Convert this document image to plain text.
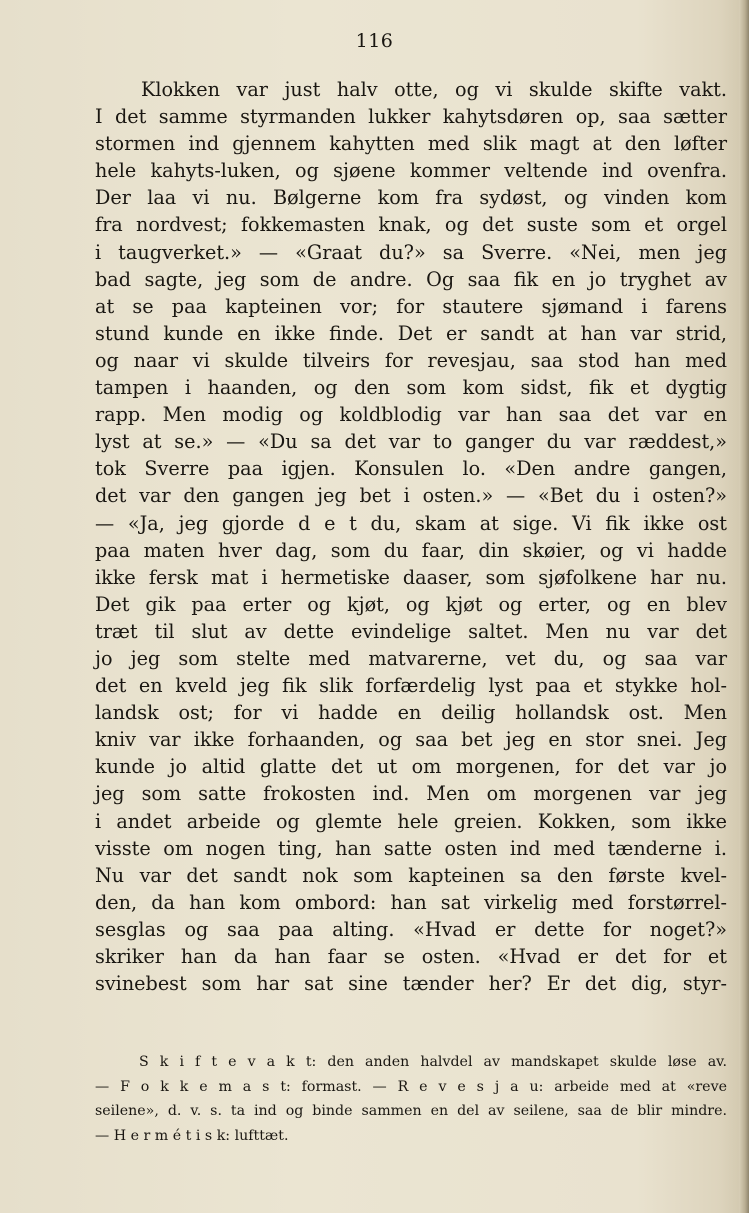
116
Klokken var just halv otte, og vi skulde skifte vakt.
I det samme styrmanden lukker kahytsdøren op, saa sætter
stormen ind gjennem kahytten med slik magt at den løfter
hele kahyts-luken, og sjøene kommer veltende ind ovenfra.
Der laa vi nu. Bølgerne kom fra sydøst, og vinden kom
fra nordvest; fokkemasten knak, og det suste som et orgel
i taugverket.» — «Graat du?» sa Sverre. «Nei, men jeg
bad sagte, jeg som de andre. Og saa fik en jo tryghet av
at se paa kapteinen vor; for stautere sjømand i farens
stund kunde en ikke finde. Det er sandt at han var strid,
og naar vi skulde tilveirs for revesjau, saa stod han med
tampen i haanden, og den som kom sidst, fik et dygtig
rapp. Men modig og koldblodig var han saa det var en
lyst at se.» — «Du sa det var to ganger du var ræddest,»
tok Sverre paa igjen. Konsulen lo. «Den andre gangen,
det var den gangen jeg bet i osten.» — «Bet du i osten?»
— «Ja, jeg gjorde d e t du, skam at sige. Vi fik ikke ost
paa maten hver dag, som du faar, din skøier, og vi hadde
ikke fersk mat i hermetiske daaser, som sjøfolkene har nu.
Det gik paa erter og kjøt, og kjøt og erter, og en blev
træt til slut av dette evindelige saltet. Men nu var det
jo jeg som stelte med matvarerne, vet du, og saa var
det en kveld jeg fik slik forfærdelig lyst paa et stykke hol-
landsk ost; for vi hadde en deilig hollandsk ost. Men
kniv var ikke forhaanden, og saa bet jeg en stor snei. Jeg
kunde jo altid glatte det ut om morgenen, for det var jo
jeg som satte frokosten ind. Men om morgenen var jeg
i andet arbeide og glemte hele greien. Kokken, som ikke
visste om nogen ting, han satte osten ind med tænderne i.
Nu var det sandt nok som kapteinen sa den første kvel-
den, da han kom ombord: han sat virkelig med forstørrel-
sesglas og saa paa alting. «Hvad er dette for noget?»
skriker han da han faar se osten. «Hvad er det for et
svinebest som har sat sine tænder her? Er det dig, styr-
S k i f t e v a k t: den anden halvdel av mandskapet skulde løse av.
— F o k k e m a s t: formast. — R e v e s j a u: arbeide med at «reve
seilene», d. v. s. ta ind og binde sammen en del av seilene, saa de blir mindre.
— H e r m é t i s k: lufttæt.
